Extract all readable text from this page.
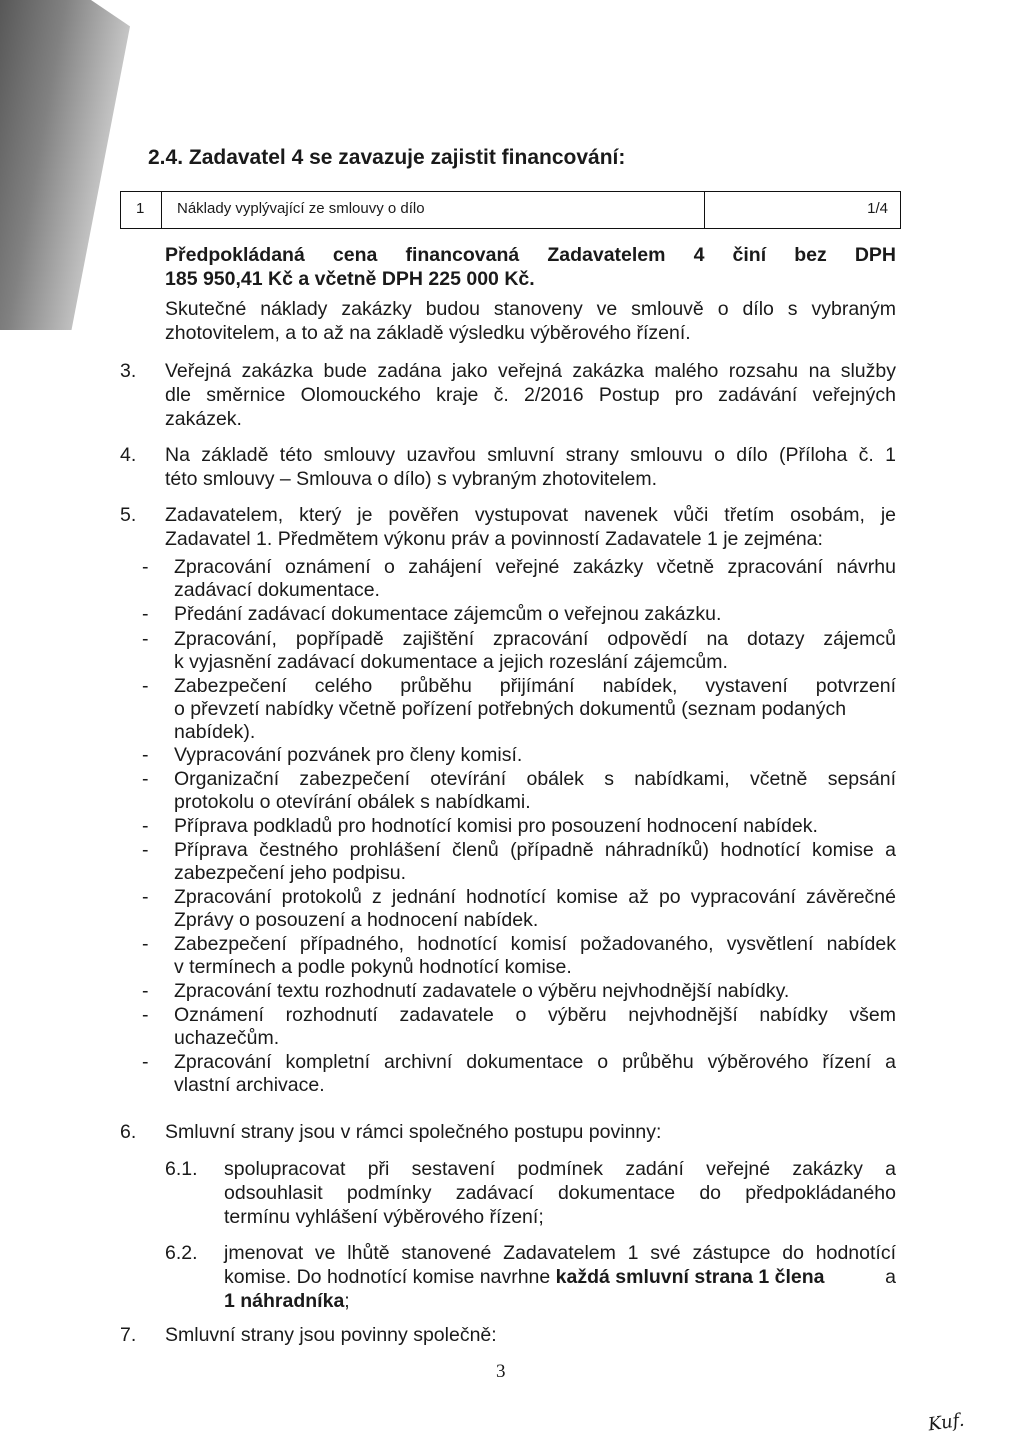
2.4. Zadavatel 4 se zavazuje zajistit financování:
1 Náklady vyplývající ze smlouvy o dílo	1/4
Předpokládaná cena financovaná Zadavatelem 4 činí bez DPH
185 950,41 Kč a včetně DPH 225 000 Kč.
Skutečné náklady zakázky budou stanoveny ve smlouvě o dílo s vybraným
zhotovitelem, a to až na základě výsledku výběrového řízení.
3. Veřejná zakázka bude zadána jako veřejná zakázka malého rozsahu na služby
dle směrnice Olomouckého kraje č. 2/2016 Postup pro zadávání veřejných
zakázek.
4. Na základě této smlouvy uzavřou smluvní strany smlouvu o dílo (Příloha č. 1
této smlouvy – Smlouva o dílo) s vybraným zhotovitelem.
5. Zadavatelem, který je pověřen vystupovat navenek vůči třetím osobám, je
Zadavatel 1. Předmětem výkonu práv a povinností Zadavatele 1 je zejména:
- Zpracování oznámení o zahájení veřejné zakázky včetně zpracování návrhu
zadávací dokumentace.
- Předání zadávací dokumentace zájemcům o veřejnou zakázku.
- Zpracování, popřípadě zajištění zpracování odpovědí na dotazy zájemců
k vyjasnění zadávací dokumentace a jejich rozeslání zájemcům.
- Zabezpečení celého průběhu přijímání nabídek, vystavení potvrzení
o převzetí nabídky včetně pořízení potřebných dokumentů (seznam podaných
nabídek).
- Vypracování pozvánek pro členy komisí.
- Organizační zabezpečení otevírání obálek s nabídkami, včetně sepsání
protokolu o otevírání obálek s nabídkami.
- Příprava podkladů pro hodnotící komisi pro posouzení hodnocení nabídek.
- Příprava čestného prohlášení členů (případně náhradníků) hodnotící komise a
zabezpečení jeho podpisu.
- Zpracování protokolů z jednání hodnotící komise až po vypracování závěrečné
Zprávy o posouzení a hodnocení nabídek.
- Zabezpečení případného, hodnotící komisí požadovaného, vysvětlení nabídek
v termínech a podle pokynů hodnotící komise.
- Zpracování textu rozhodnutí zadavatele o výběru nejvhodnější nabídky.
- Oznámení rozhodnutí zadavatele o výběru nejvhodnější nabídky všem
uchazečům.
- Zpracování kompletní archivní dokumentace o průběhu výběrového řízení a
vlastní archivace.
6. Smluvní strany jsou v rámci společného postupu povinny:
6.1. spolupracovat při sestavení podmínek zadání veřejné zakázky a
odsouhlasit podmínky zadávací dokumentace do předpokládaného
termínu vyhlášení výběrového řízení;
6.2. jmenovat ve lhůtě stanovené Zadavatelem 1 své zástupce do hodnotící
komise. Do hodnotící komise navrhne každá smluvní strana 1 člena	a
1 náhradníka;
7. Smluvní strany jsou povinny společně:
3
Kuf.
